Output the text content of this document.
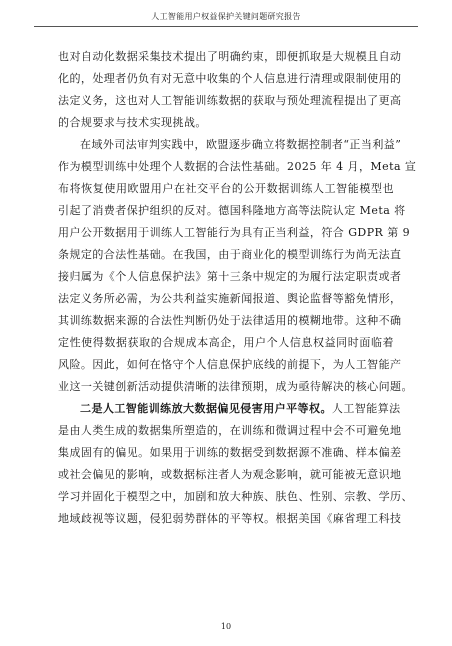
人工智能用户权益保护关键问题研究报告
也对自动化数据采集技术提出了明确约束，即便抓取是大规模且自动
化的，处理者仍负有对无意中收集的个人信息进行清理或限制使用的
法定义务，这也对人工智能训练数据的获取与预处理流程提出了更高
的合规要求与技术实现挑战。
在域外司法审判实践中，欧盟逐步确立将数据控制者“正当利益”
作为模型训练中处理个人数据的合法性基础。2025 年 4 月，Meta 宣
布将恢复使用欧盟用户在社交平台的公开数据训练人工智能模型也
引起了消费者保护组织的反对。德国科隆地方高等法院认定 Meta 将
用户公开数据用于训练人工智能行为具有正当利益，符合 GDPR 第 9
条规定的合法性基础。在我国，由于商业化的模型训练行为尚无法直
接归属为《个人信息保护法》第十三条中规定的为履行法定职责或者
法定义务所必需，为公共利益实施新闻报道、舆论监督等豁免情形，
其训练数据来源的合法性判断仍处于法律适用的模糊地带。这种不确
定性使得数据获取的合规成本高企，用户个人信息权益同时面临着
风险。因此，如何在恪守个人信息保护底线的前提下，为人工智能产
业这一关键创新活动提供清晰的法律预期，成为亟待解决的核心问题。
二是人工智能训练放大数据偏见侵害用户平等权。人工智能算法
是由人类生成的数据集所塑造的，在训练和微调过程中会不可避免地
集成固有的偏见。如果用于训练的数据受到数据源不准确、样本偏差
或社会偏见的影响，或数据标注者人为观念影响，就可能被无意识地
学习并固化于模型之中，加剧和放大种族、肤色、性别、宗教、学历、
地域歧视等议题，侵犯弱势群体的平等权。根据美国《麻省理工科技
10
